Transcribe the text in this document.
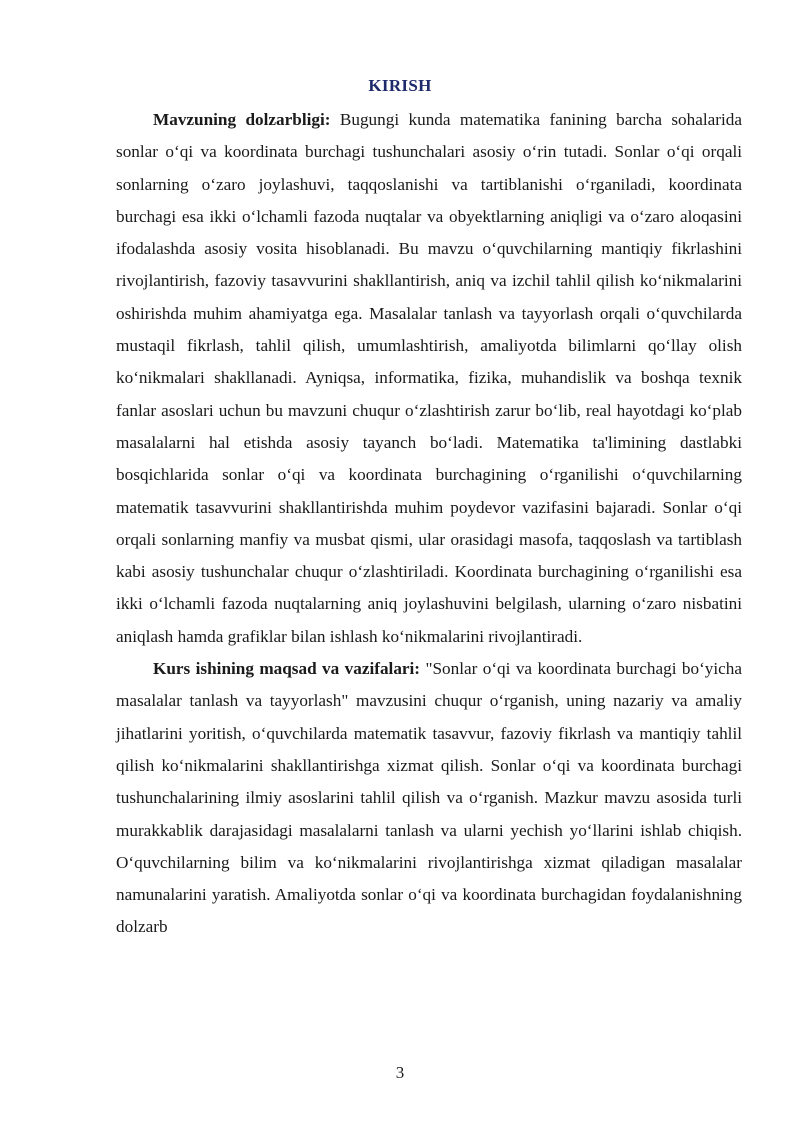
KIRISH

Mavzuning dolzarbligi: Bugungi kunda matematika fanining barcha sohalarida sonlar o‘qi va koordinata burchagi tushunchalari asosiy o‘rin tutadi. Sonlar o‘qi orqali sonlarning o‘zaro joylashuvi, taqqoslanishi va tartiblanishi o‘rganiladi, koordinata burchagi esa ikki o‘lchamli fazoda nuqtalar va obyektlarning aniqligi va o‘zaro aloqasini ifodalashda asosiy vosita hisoblanadi. Bu mavzu o‘quvchilarning mantiqiy fikrlashini rivojlantirish, fazoviy tasavvurini shakllantirish, aniq va izchil tahlil qilish ko‘nikmalarini oshirishda muhim ahamiyatga ega. Masalalar tanlash va tayyorlash orqali o‘quvchilarda mustaqil fikrlash, tahlil qilish, umumlashtirish, amaliyotda bilimlarni qo‘llay olish ko‘nikmalari shakllanadi. Ayniqsa, informatika, fizika, muhandislik va boshqa texnik fanlar asoslari uchun bu mavzuni chuqur o‘zlashtirish zarur bo‘lib, real hayotdagi ko‘plab masalalarni hal etishda asosiy tayanch bo‘ladi. Matematika ta'limining dastlabki bosqichlarida sonlar o‘qi va koordinata burchagining o‘rganilishi o‘quvchilarning matematik tasavvurini shakllantirishda muhim poydevor vazifasini bajaradi. Sonlar o‘qi orqali sonlarning manfiy va musbat qismi, ular orasidagi masofa, taqqoslash va tartiblash kabi asosiy tushunchalar chuqur o‘zlashtiriladi. Koordinata burchagining o‘rganilishi esa ikki o‘lchamli fazoda nuqtalarning aniq joylashuvini belgilash, ularning o‘zaro nisbatini aniqlash hamda grafiklar bilan ishlash ko‘nikmalarini rivojlantiradi.

Kurs ishining maqsad va vazifalari: "Sonlar o‘qi va koordinata burchagi bo‘yicha masalalar tanlash va tayyorlash" mavzusini chuqur o‘rganish, uning nazariy va amaliy jihatlarini yoritish, o‘quvchilarda matematik tasavvur, fazoviy fikrlash va mantiqiy tahlil qilish ko‘nikmalarini shakllantirishga xizmat qilish. Sonlar o‘qi va koordinata burchagi tushunchalarining ilmiy asoslarini tahlil qilish va o‘rganish. Mazkur mavzu asosida turli murakkablik darajasidagi masalalarni tanlash va ularni yechish yo‘llarini ishlab chiqish. O‘quvchilarning bilim va ko‘nikmalarini rivojlantirishga xizmat qiladigan masalalar namunalarini yaratish. Amaliyotda sonlar o‘qi va koordinata burchagidan foydalanishning dolzarb

3
